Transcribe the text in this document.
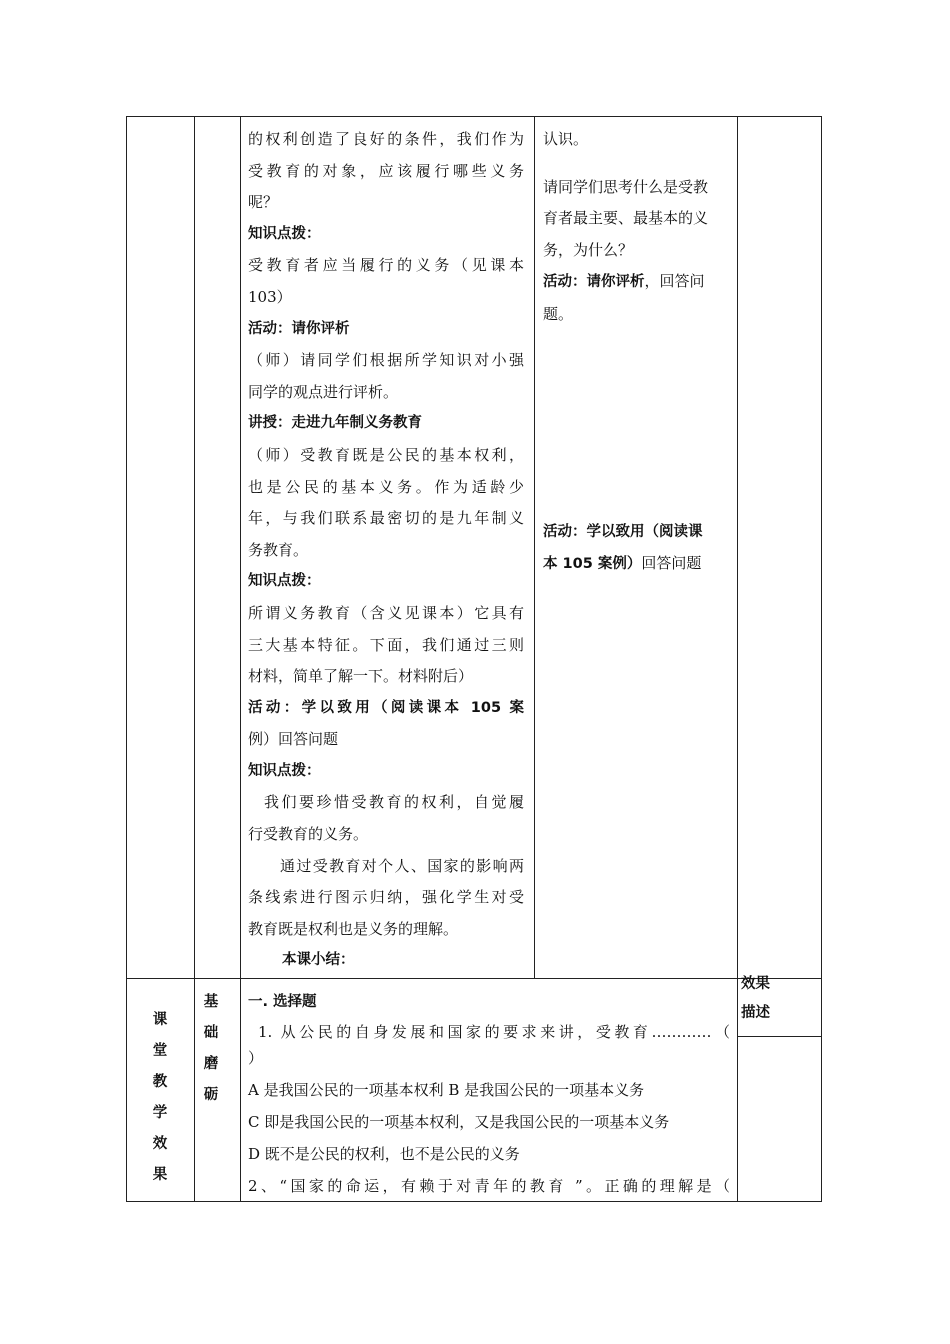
的权利创造了良好的条件，我们作为

受教育的对象，应该履行哪些义务

呢？

知识点拨：

受教育者应当履行的义务（见课本

103）

活动：请你评析

（师）请同学们根据所学知识对小强

同学的观点进行评析。

讲授：走进九年制义务教育

（师）受教育既是公民的基本权利，

也是公民的基本义务。作为适龄少

年，与我们联系最密切的是九年制义

务教育。

知识点拨：

所谓义务教育（含义见课本）它具有

三大基本特征。下面，我们通过三则

材料，简单了解一下。材料附后）

活动：学以致用（阅读课本 105 案

例）回答问题

知识点拨：

我们要珍惜受教育的权利，自觉履

行受教育的义务。

通过受教育对个人、国家的影响两

条线索进行图示归纳，强化学生对受

教育既是权利也是义务的理解。

本课小结：

认识。

请同学们思考什么是受教

育者最主要、最基本的义

务，为什么？

活动：请你评析，回答问

题。

活动：学以致用（阅读课

本 105 案例）回答问题

课
堂
教
学
效
果
基
础
磨
砺
效果
描述

一. 选择题

1. 从公民的自身发展和国家的要求来讲，受教育…………（

）

A 是我国公民的一项基本权利 B 是我国公民的一项基本义务

C 即是我国公民的一项基本权利，又是我国公民的一项基本义务

D 既不是公民的权利，也不是公民的义务

2、“国家的命运，有赖于对青年的教育 ”。正确的理解是（
